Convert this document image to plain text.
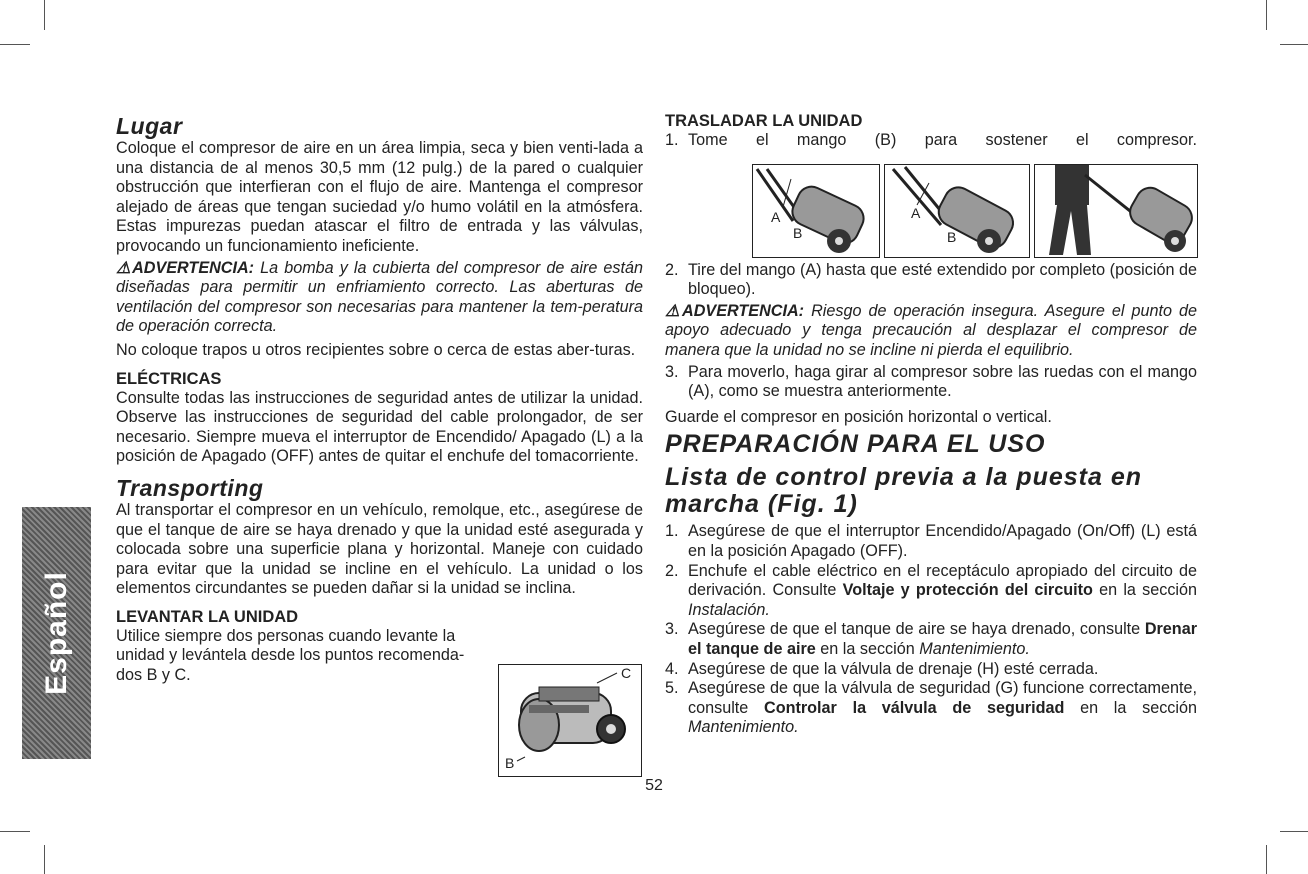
Español
Lugar

Coloque el compresor de aire en un área limpia, seca y bien venti-lada a una distancia de al menos 30,5 mm (12 pulg.) de la pared o cualquier obstrucción que interfieran con el flujo de aire. Mantenga el compresor alejado de áreas que tengan suciedad y/o humo volátil en la atmósfera. Estas impurezas puedan atascar el filtro de entrada y las válvulas, provocando un funcionamiento ineficiente.

⚠ADVERTENCIA: La bomba y la cubierta del compresor de aire están diseñadas para permitir un enfriamiento correcto. Las aberturas de ventilación del compresor son necesarias para mantener la tem-peratura de operación correcta.

No coloque trapos u otros recipientes sobre o cerca de estas aber-turas.

ELÉCTRICAS

Consulte todas las instrucciones de seguridad antes de utilizar la unidad. Observe las instrucciones de seguridad del cable prolongador, de ser necesario. Siempre mueva el interruptor de Encendido/ Apagado (L) a la posición de Apagado (OFF) antes de quitar el enchufe del tomacorriente.

Transporting

Al transportar el compresor en un vehículo, remolque, etc., asegúrese de que el tanque de aire se haya drenado y que la unidad esté asegurada y colocada sobre una superficie plana y horizontal. Maneje con cuidado para evitar que la unidad se incline en el vehículo. La unidad o los elementos circundantes se pueden dañar si la unidad se inclina.

LEVANTAR LA UNIDAD

Utilice siempre dos personas cuando levante la unidad y levántela desde los puntos recomenda-dos B y C.	C
B
TRASLADAR LA UNIDAD
1. Tome el mango (B) para sostener el compresor.
2. Tire del mango (A) hasta que esté extendido por completo (posición de bloqueo).

⚠ADVERTENCIA: Riesgo de operación insegura. Asegure el punto de apoyo adecuado y tenga precaución al desplazar el compresor de manera que la unidad no se incline ni pierda el equilibrio.

3. Para moverlo, haga girar al compresor sobre las ruedas con el mango (A), como se muestra anteriormente.

Guarde el compresor en posición horizontal o vertical.

PREPARACIÓN PARA EL USO
Lista de control previa a la puesta en marcha (Fig. 1)
1. Asegúrese de que el interruptor Encendido/Apagado (On/Off) (L) está en la posición Apagado (OFF).
2. Enchufe el cable eléctrico en el receptáculo apropiado del circuito de derivación. Consulte Voltaje y protección del circuito en la sección Instalación.
3. Asegúrese de que el tanque de aire se haya drenado, consulte Drenar el tanque de aire en la sección Mantenimiento.
4. Asegúrese de que la válvula de drenaje (H) esté cerrada.
5. Asegúrese de que la válvula de seguridad (G) funcione correctamente, consulte Controlar la válvula de seguridad en la sección Mantenimiento.
A
B
A
B
52
